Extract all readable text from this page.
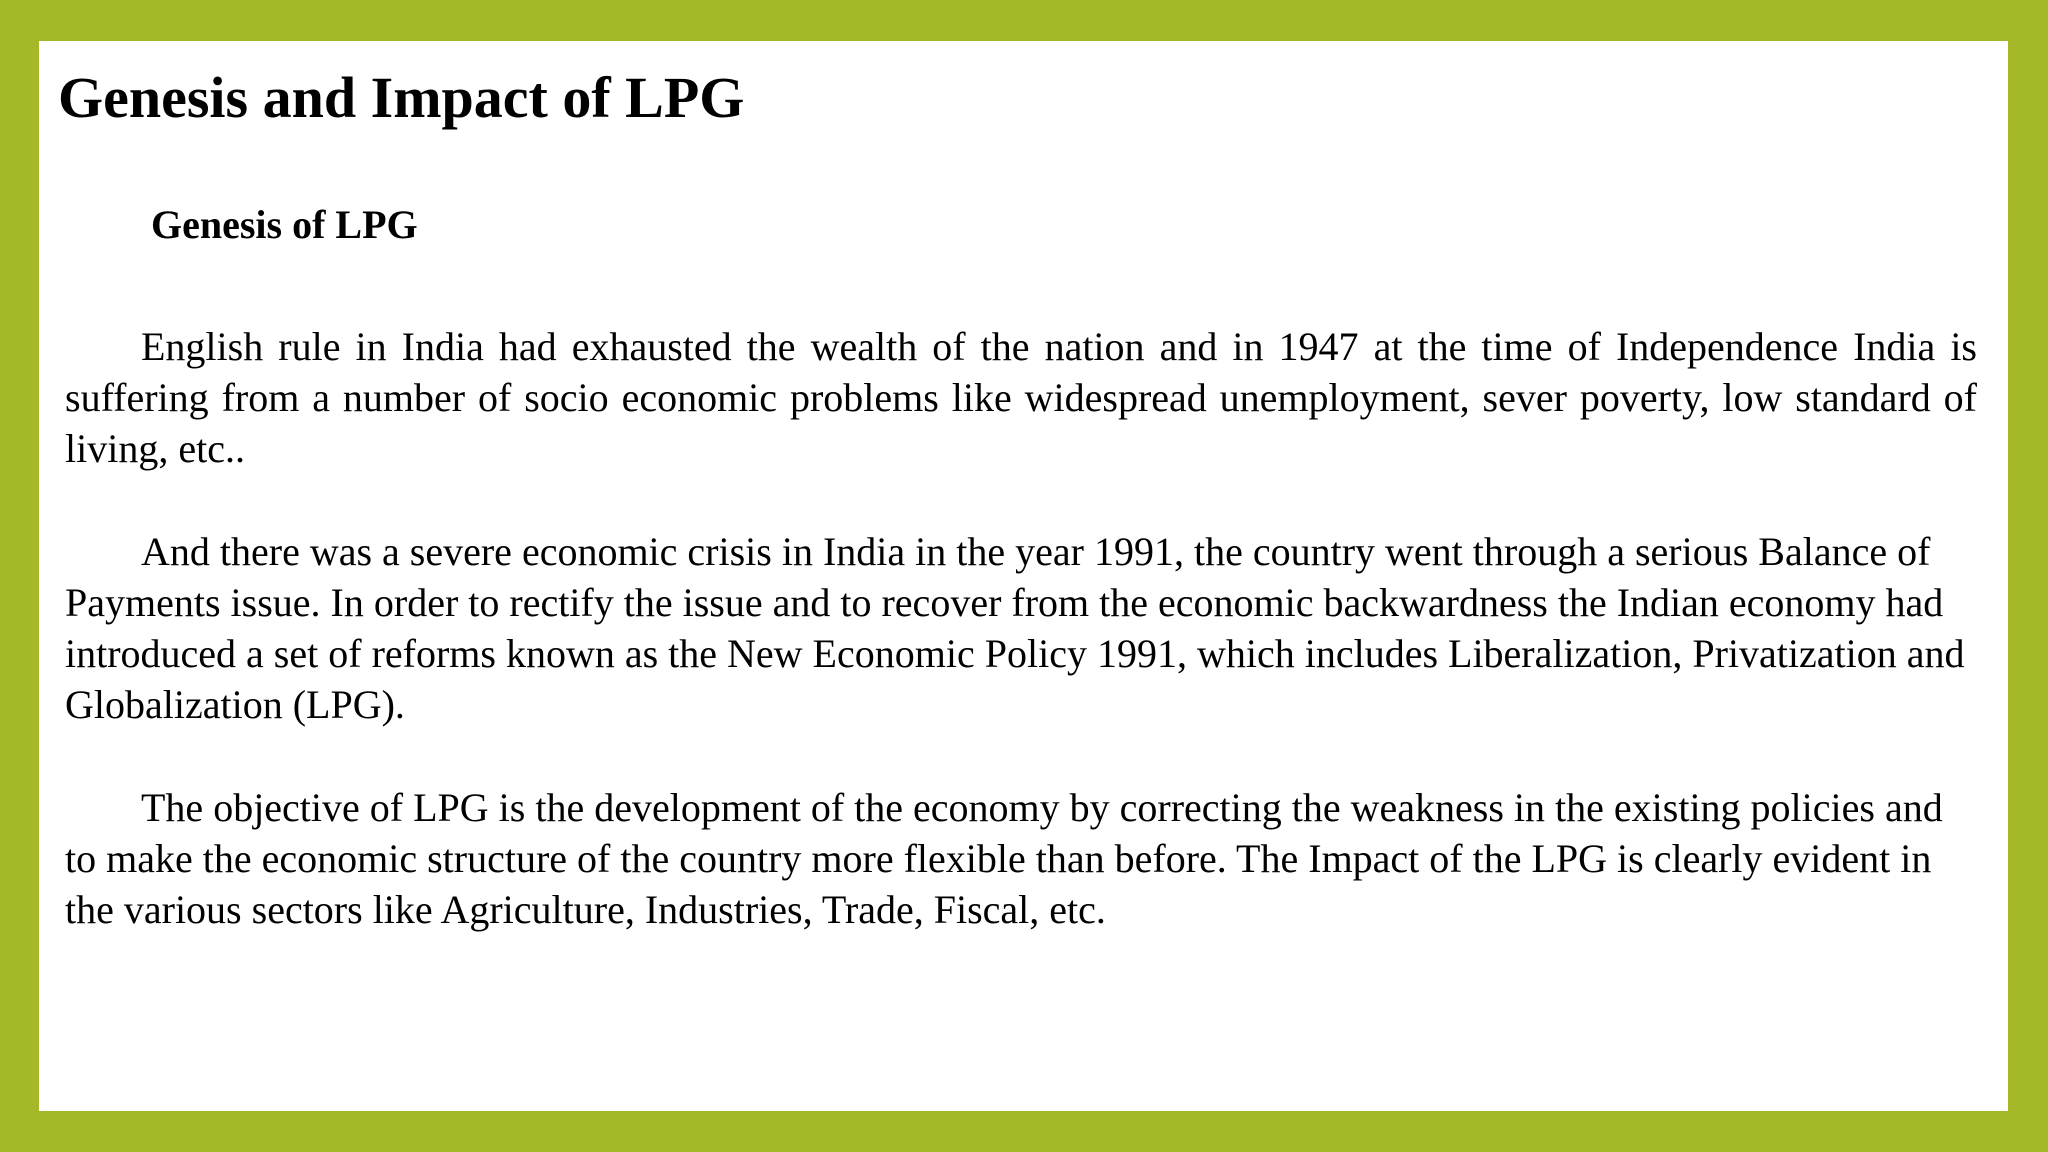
Genesis and Impact of LPG
Genesis of LPG

English rule in India had exhausted the wealth of the nation and in 1947 at the time of Independence India is suffering from a number of socio economic problems like widespread unemployment, sever poverty, low standard of living, etc..

And there was a severe economic crisis in India in the year 1991, the country went through a serious Balance of Payments issue. In order to rectify the issue and to recover from the economic backwardness the Indian economy had introduced a set of reforms known as the New Economic Policy 1991, which includes Liberalization, Privatization and Globalization (LPG).

The objective of LPG is the development of the economy by correcting the weakness in the existing policies and to make the economic structure of the country more flexible than before. The Impact of the LPG is clearly evident in the various sectors like Agriculture, Industries, Trade, Fiscal, etc.
